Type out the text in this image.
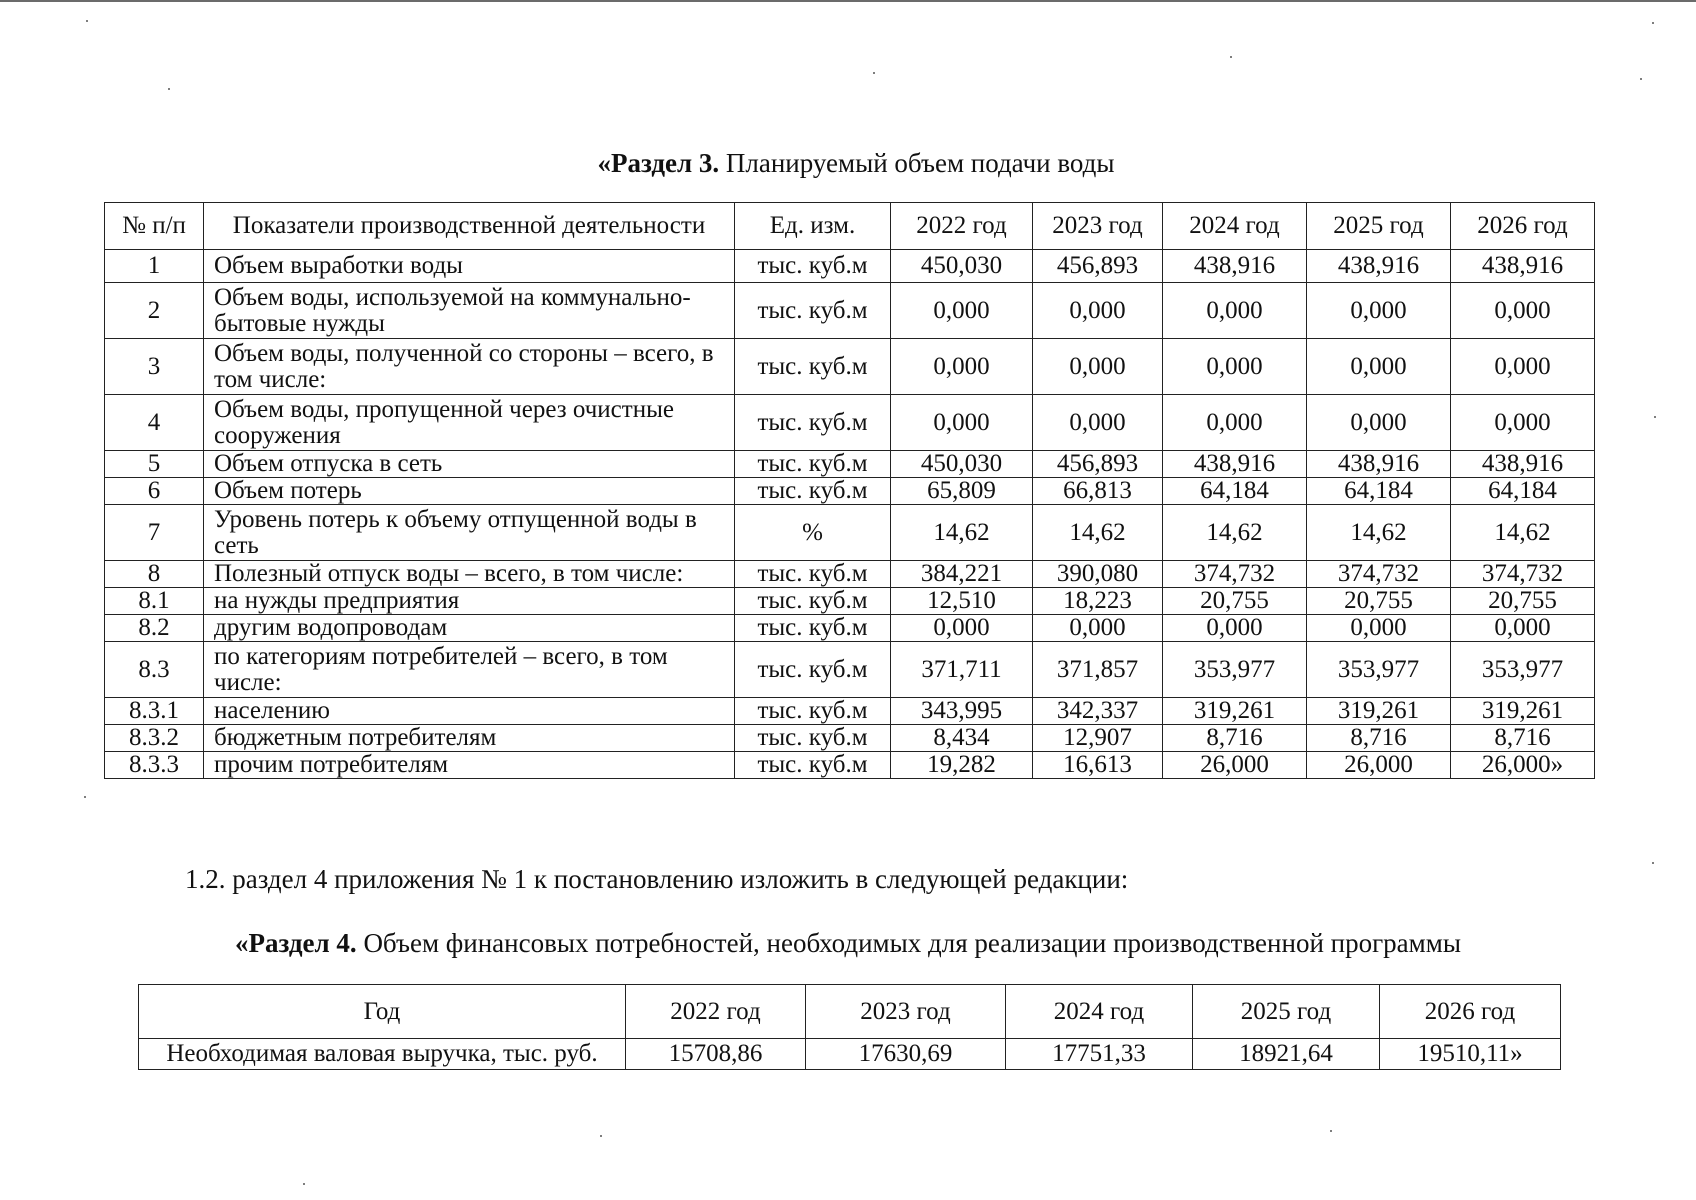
«Раздел 3. Планируемый объем подачи воды
№ п/п	Показатели производственной деятельности	Ед. изм.	2022 год	2023 год	2024 год	2025 год	2026 год
1	Объем выработки воды	тыс. куб.м	450,030	456,893	438,916	438,916	438,916
2	Объем воды, используемой на коммунально-бытовые нужды	тыс. куб.м	0,000	0,000	0,000	0,000	0,000
3	Объем воды, полученной со стороны – всего, в том числе:	тыс. куб.м	0,000	0,000	0,000	0,000	0,000
4	Объем воды, пропущенной через очистные сооружения	тыс. куб.м	0,000	0,000	0,000	0,000	0,000
5	Объем отпуска в сеть	тыс. куб.м	450,030	456,893	438,916	438,916	438,916
6	Объем потерь	тыс. куб.м	65,809	66,813	64,184	64,184	64,184
7	Уровень потерь к объему отпущенной воды в сеть	%	14,62	14,62	14,62	14,62	14,62
8	Полезный отпуск воды – всего, в том числе:	тыс. куб.м	384,221	390,080	374,732	374,732	374,732
8.1	на нужды предприятия	тыс. куб.м	12,510	18,223	20,755	20,755	20,755
8.2	другим водопроводам	тыс. куб.м	0,000	0,000	0,000	0,000	0,000
8.3	по категориям потребителей – всего, в том числе:	тыс. куб.м	371,711	371,857	353,977	353,977	353,977
8.3.1	населению	тыс. куб.м	343,995	342,337	319,261	319,261	319,261
8.3.2	бюджетным потребителям	тыс. куб.м	8,434	12,907	8,716	8,716	8,716
8.3.3	прочим потребителям	тыс. куб.м	19,282	16,613	26,000	26,000	26,000»
1.2. раздел 4 приложения № 1 к постановлению изложить в следующей редакции:
«Раздел 4. Объем финансовых потребностей, необходимых для реализации производственной программы
Год	2022 год	2023 год	2024 год	2025 год	2026 год
Необходимая валовая выручка, тыс. руб.	15708,86	17630,69	17751,33	18921,64	19510,11»
